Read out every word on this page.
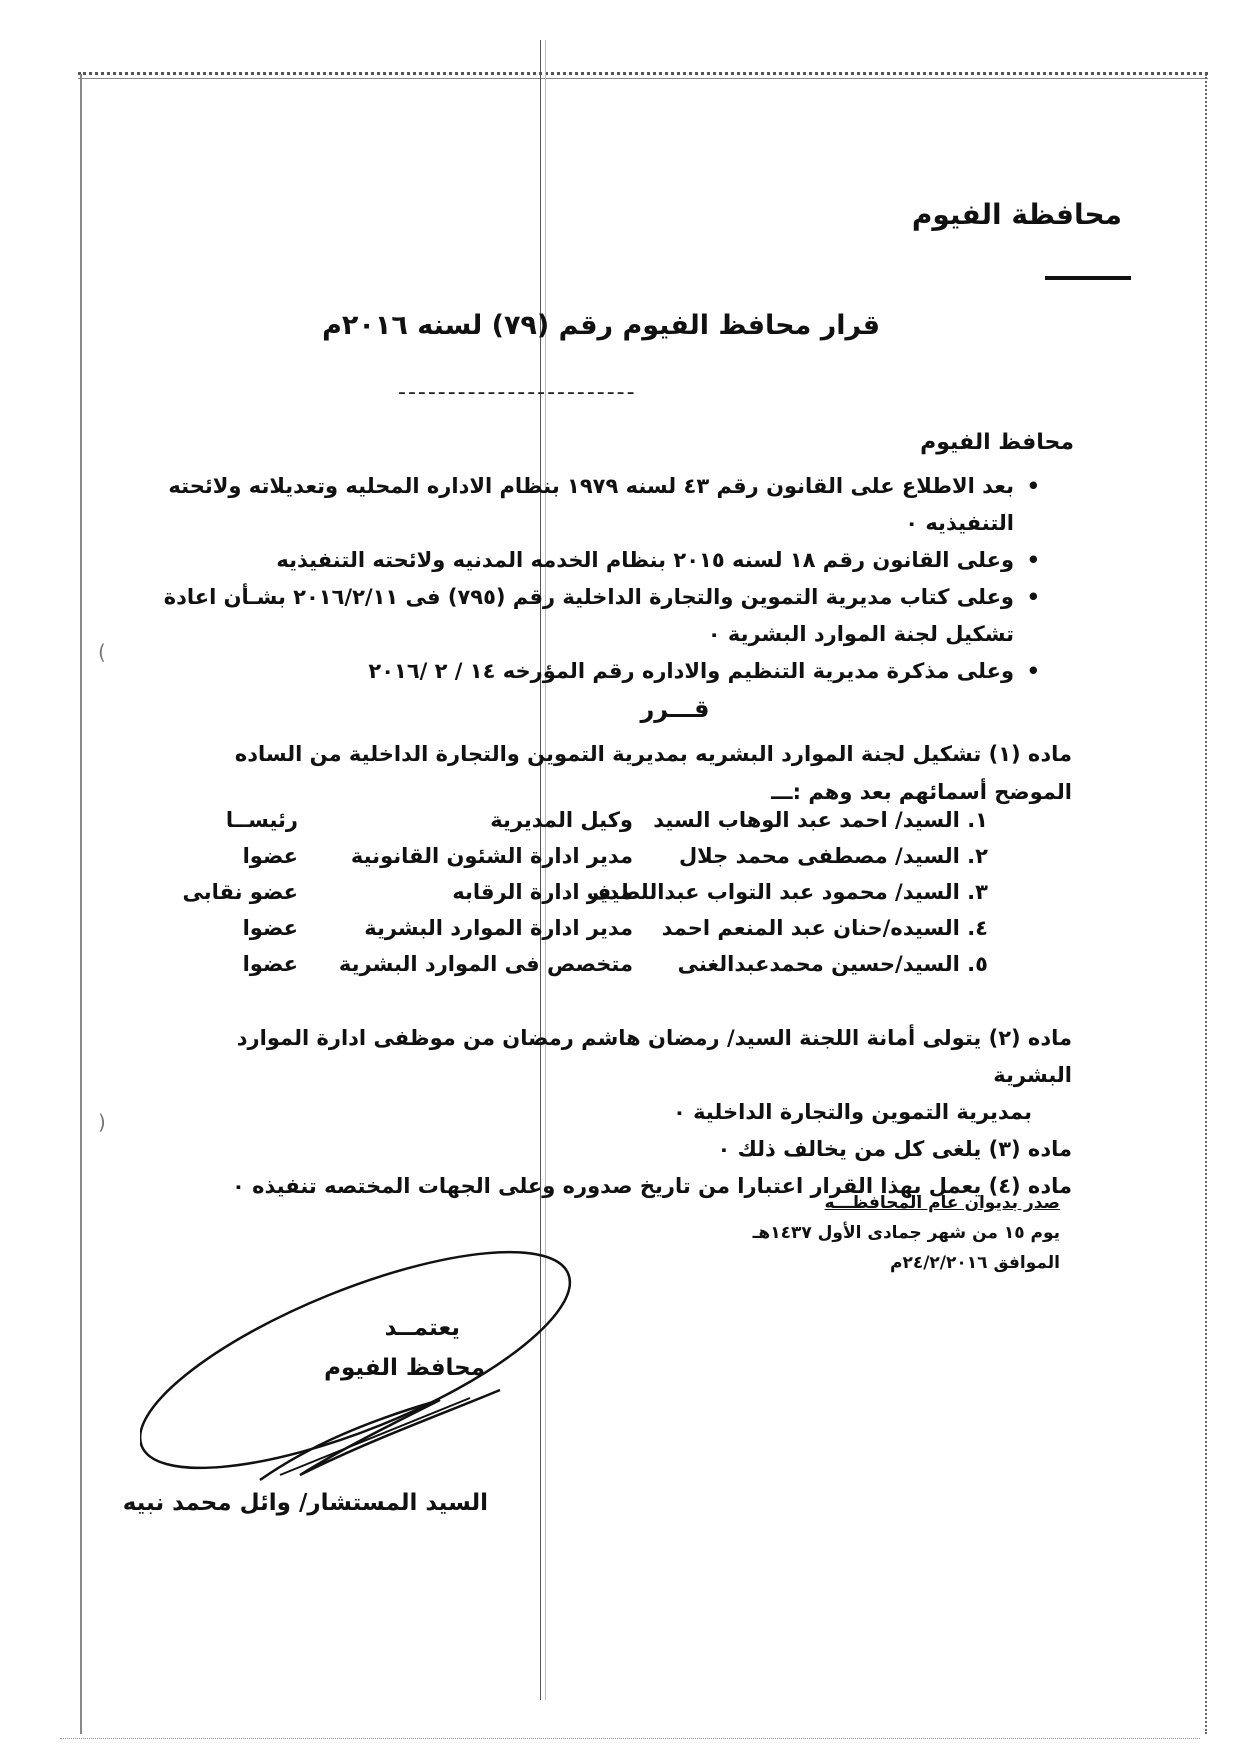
(
)
محافظة الفيوم
قرار محافظ الفيوم رقم (٧٩) لسنه ٢٠١٦م
------------------------
محافظ الفيوم
• بعد الاطلاع على القانون رقم ٤٣ لسنه ١٩٧٩ بنظام الاداره المحليه وتعديلاته ولائحته التنفيذيه ٠
• وعلى القانون رقم ١٨ لسنه ٢٠١٥ بنظام الخدمه المدنيه ولائحته التنفيذيه
• وعلى كتاب مديرية التموين والتجارة الداخلية رقم (٧٩٥) فى ٢٠١٦/٢/١١ بشـأن اعادة تشكيل لجنة الموارد البشرية ٠
• وعلى مذكرة مديرية التنظيم والاداره رقم المؤرخه ١٤ / ٢ /٢٠١٦
قـــرر
ماده (١) تشكيل لجنة الموارد البشريه بمديرية التموين والتجارة الداخلية من الساده الموضح أسمائهم بعد وهم :ـــ
١. السيد/ احمد عبد الوهاب السيد
وكيل المديرية
رئيســا
٢. السيد/ مصطفى محمد جلال
مدير ادارة الشئون القانونية
عضوا
٣. السيد/ محمود عبد التواب عبداللطيف
مدير ادارة الرقابه
عضو نقابى
٤. السيده/حنان عبد المنعم احمد
مدير ادارة الموارد البشرية
عضوا
٥. السيد/حسين محمدعبدالغنى
متخصص فى الموارد البشرية
عضوا
ماده (٢) يتولى أمانة اللجنة السيد/ رمضان هاشم رمضان من موظفى ادارة الموارد البشرية
بمديرية التموين والتجارة الداخلية ٠
ماده (٣) يلغى كل من يخالف ذلك ٠
ماده (٤) يعمل بهذا القرار اعتبارا من تاريخ صدوره وعلى الجهات المختصه تنفيذه ٠
صدر بديوان عام المحافظـــه
يوم ١٥ من شهر جمادى الأول ١٤٣٧هـ
الموافق ٢٤/٢/٢٠١٦م
يعتمــد
محافظ الفيوم
السيد المستشار/ وائل محمد نبيه
